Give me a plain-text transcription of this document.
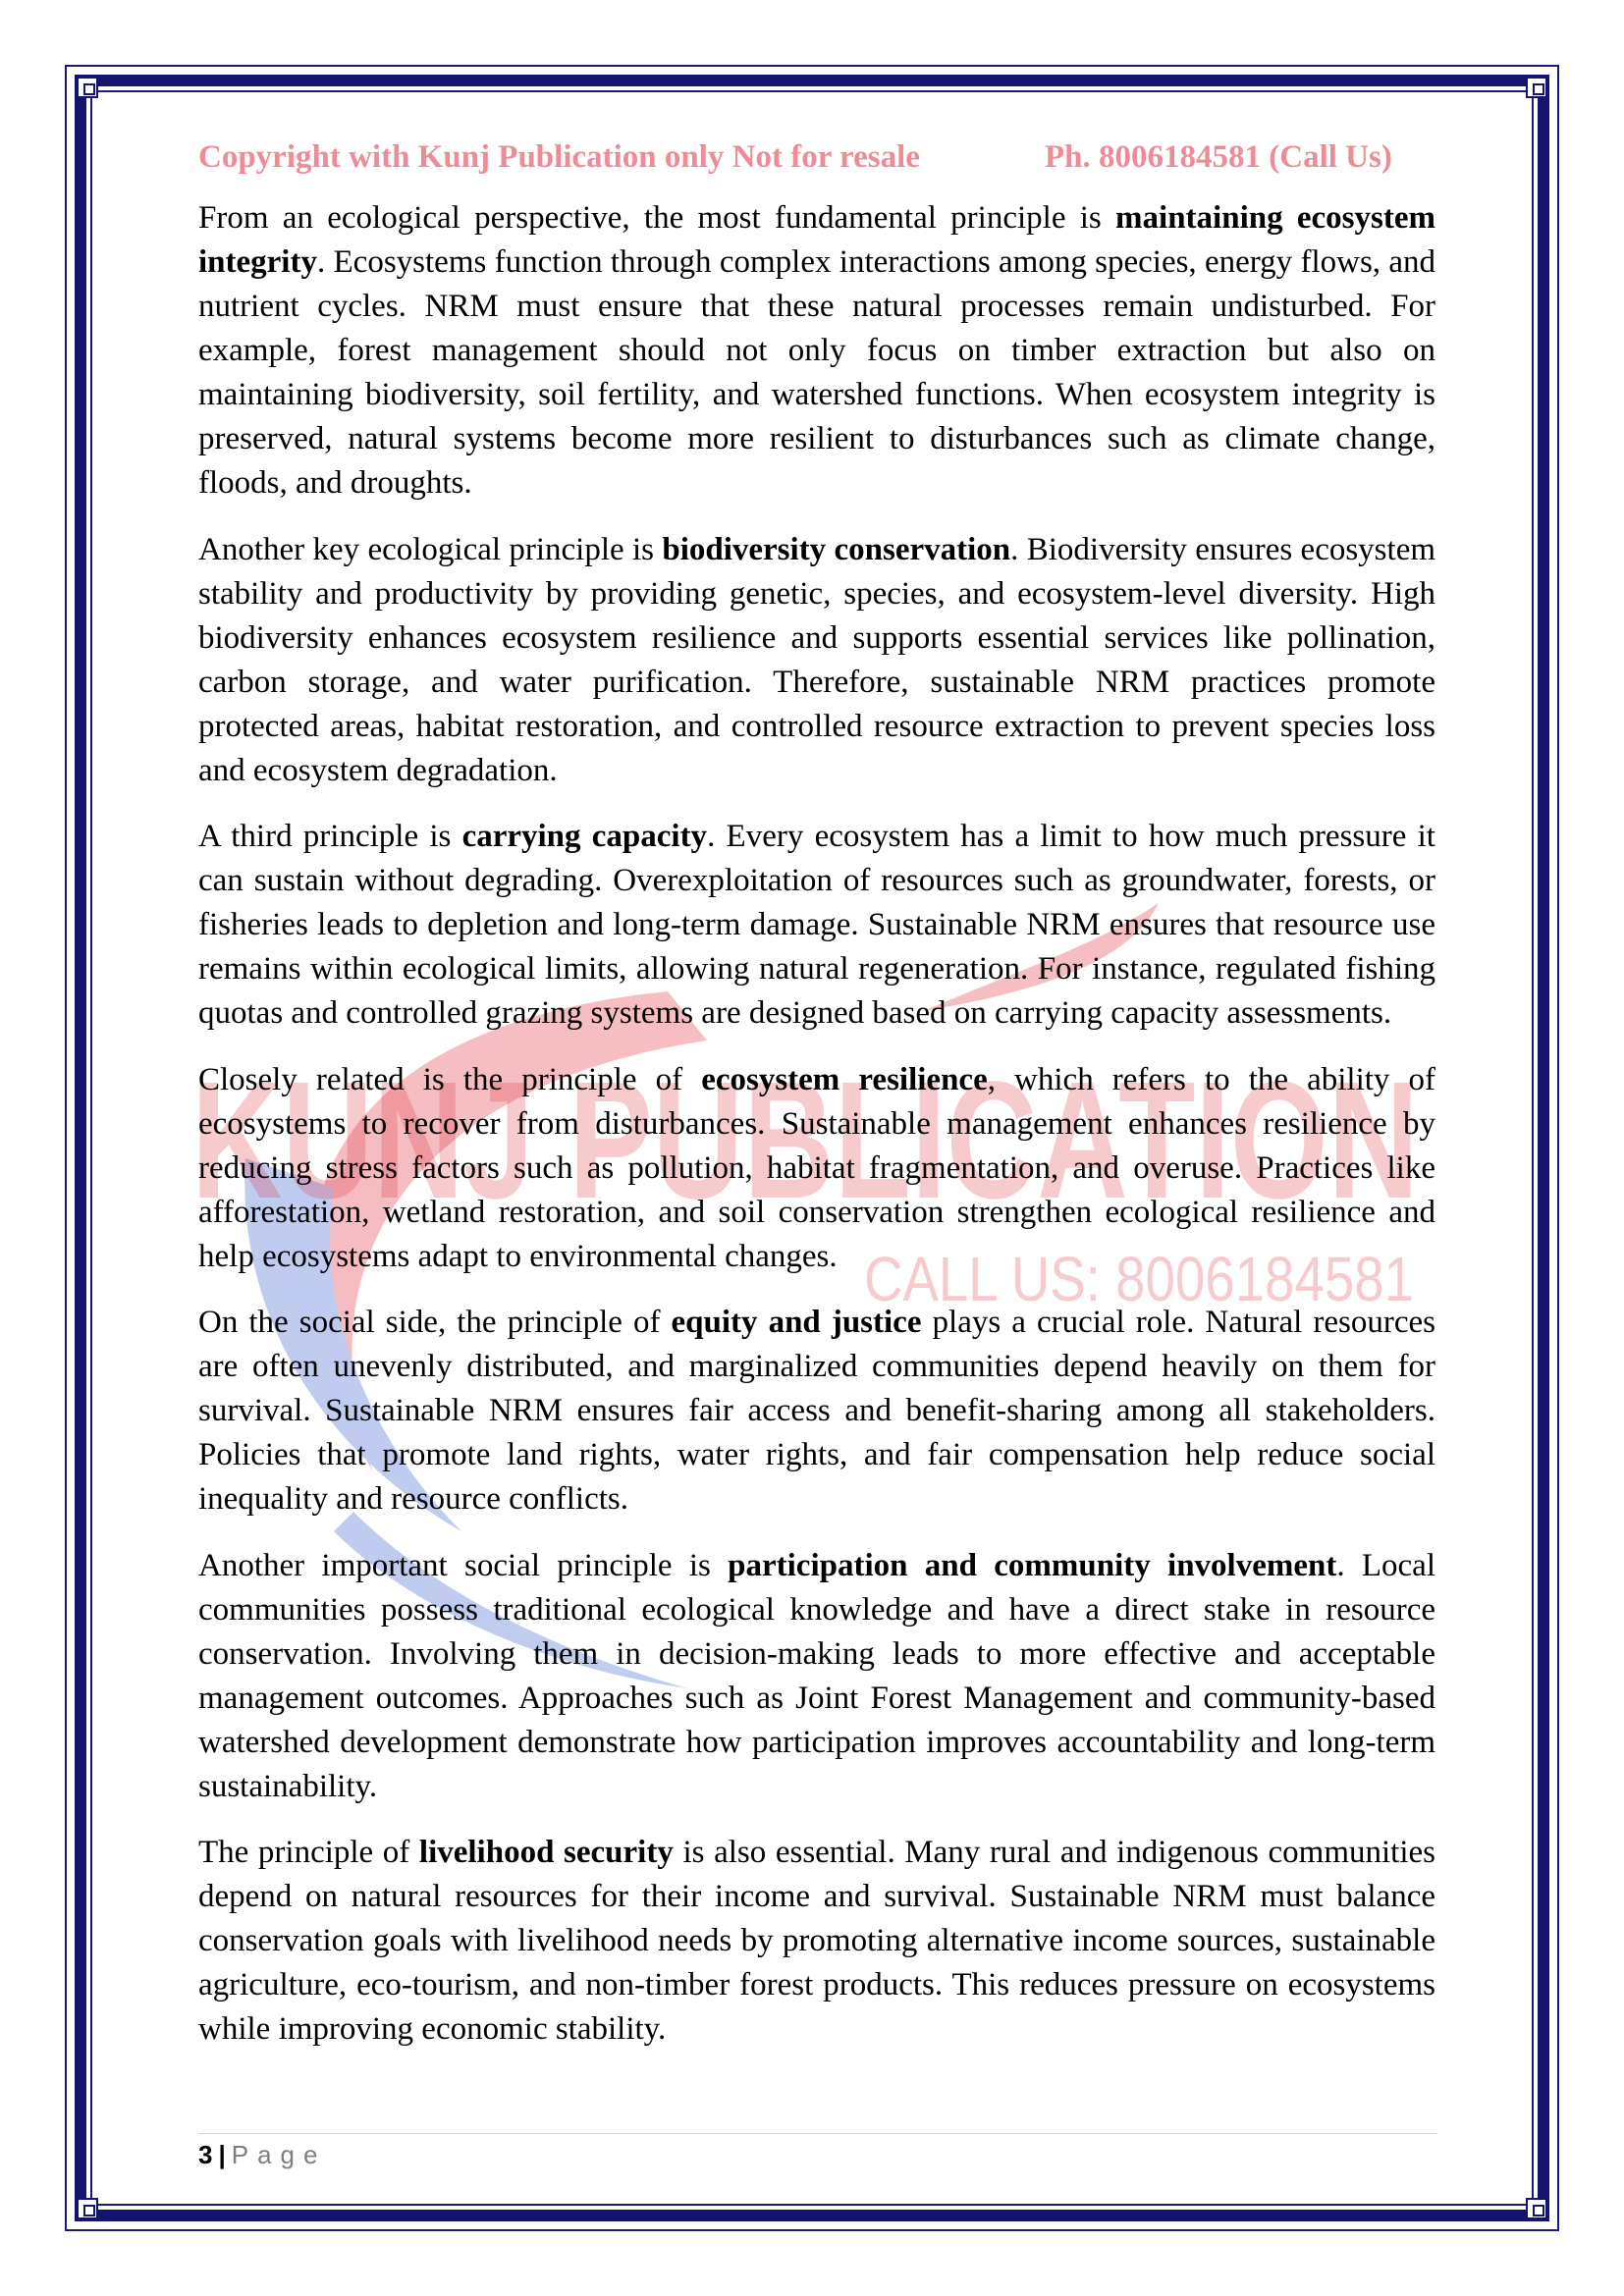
KUNJ PUBLICATION
CALL US: 8006184581
Copyright with Kunj Publication only Not for resale	Ph. 8006184581 (Call Us)

From an ecological perspective, the most fundamental principle is maintaining ecosystem integrity. Ecosystems function through complex interactions among species, energy flows, and nutrient cycles. NRM must ensure that these natural processes remain undisturbed. For example, forest management should not only focus on timber extraction but also on maintaining biodiversity, soil fertility, and watershed functions. When ecosystem integrity is preserved, natural systems become more resilient to disturbances such as climate change, floods, and droughts.

Another key ecological principle is biodiversity conservation. Biodiversity ensures ecosystem stability and productivity by providing genetic, species, and ecosystem-level diversity. High biodiversity enhances ecosystem resilience and supports essential services like pollination, carbon storage, and water purification. Therefore, sustainable NRM practices promote protected areas, habitat restoration, and controlled resource extraction to prevent species loss and ecosystem degradation.

A third principle is carrying capacity. Every ecosystem has a limit to how much pressure it can sustain without degrading. Overexploitation of resources such as groundwater, forests, or fisheries leads to depletion and long-term damage. Sustainable NRM ensures that resource use remains within ecological limits, allowing natural regeneration. For instance, regulated fishing quotas and controlled grazing systems are designed based on carrying capacity assessments.

Closely related is the principle of ecosystem resilience, which refers to the ability of ecosystems to recover from disturbances. Sustainable management enhances resilience by reducing stress factors such as pollution, habitat fragmentation, and overuse. Practices like afforestation, wetland restoration, and soil conservation strengthen ecological resilience and help ecosystems adapt to environmental changes.

On the social side, the principle of equity and justice plays a crucial role. Natural resources are often unevenly distributed, and marginalized communities depend heavily on them for survival. Sustainable NRM ensures fair access and benefit-sharing among all stakeholders. Policies that promote land rights, water rights, and fair compensation help reduce social inequality and resource conflicts.

Another important social principle is participation and community involvement. Local communities possess traditional ecological knowledge and have a direct stake in resource conservation. Involving them in decision-making leads to more effective and acceptable management outcomes. Approaches such as Joint Forest Management and community-based watershed development demonstrate how participation improves accountability and long-term sustainability.

The principle of livelihood security is also essential. Many rural and indigenous communities depend on natural resources for their income and survival. Sustainable NRM must balance conservation goals with livelihood needs by promoting alternative income sources, sustainable agriculture, eco-tourism, and non-timber forest products. This reduces pressure on ecosystems while improving economic stability.

3 | Page
